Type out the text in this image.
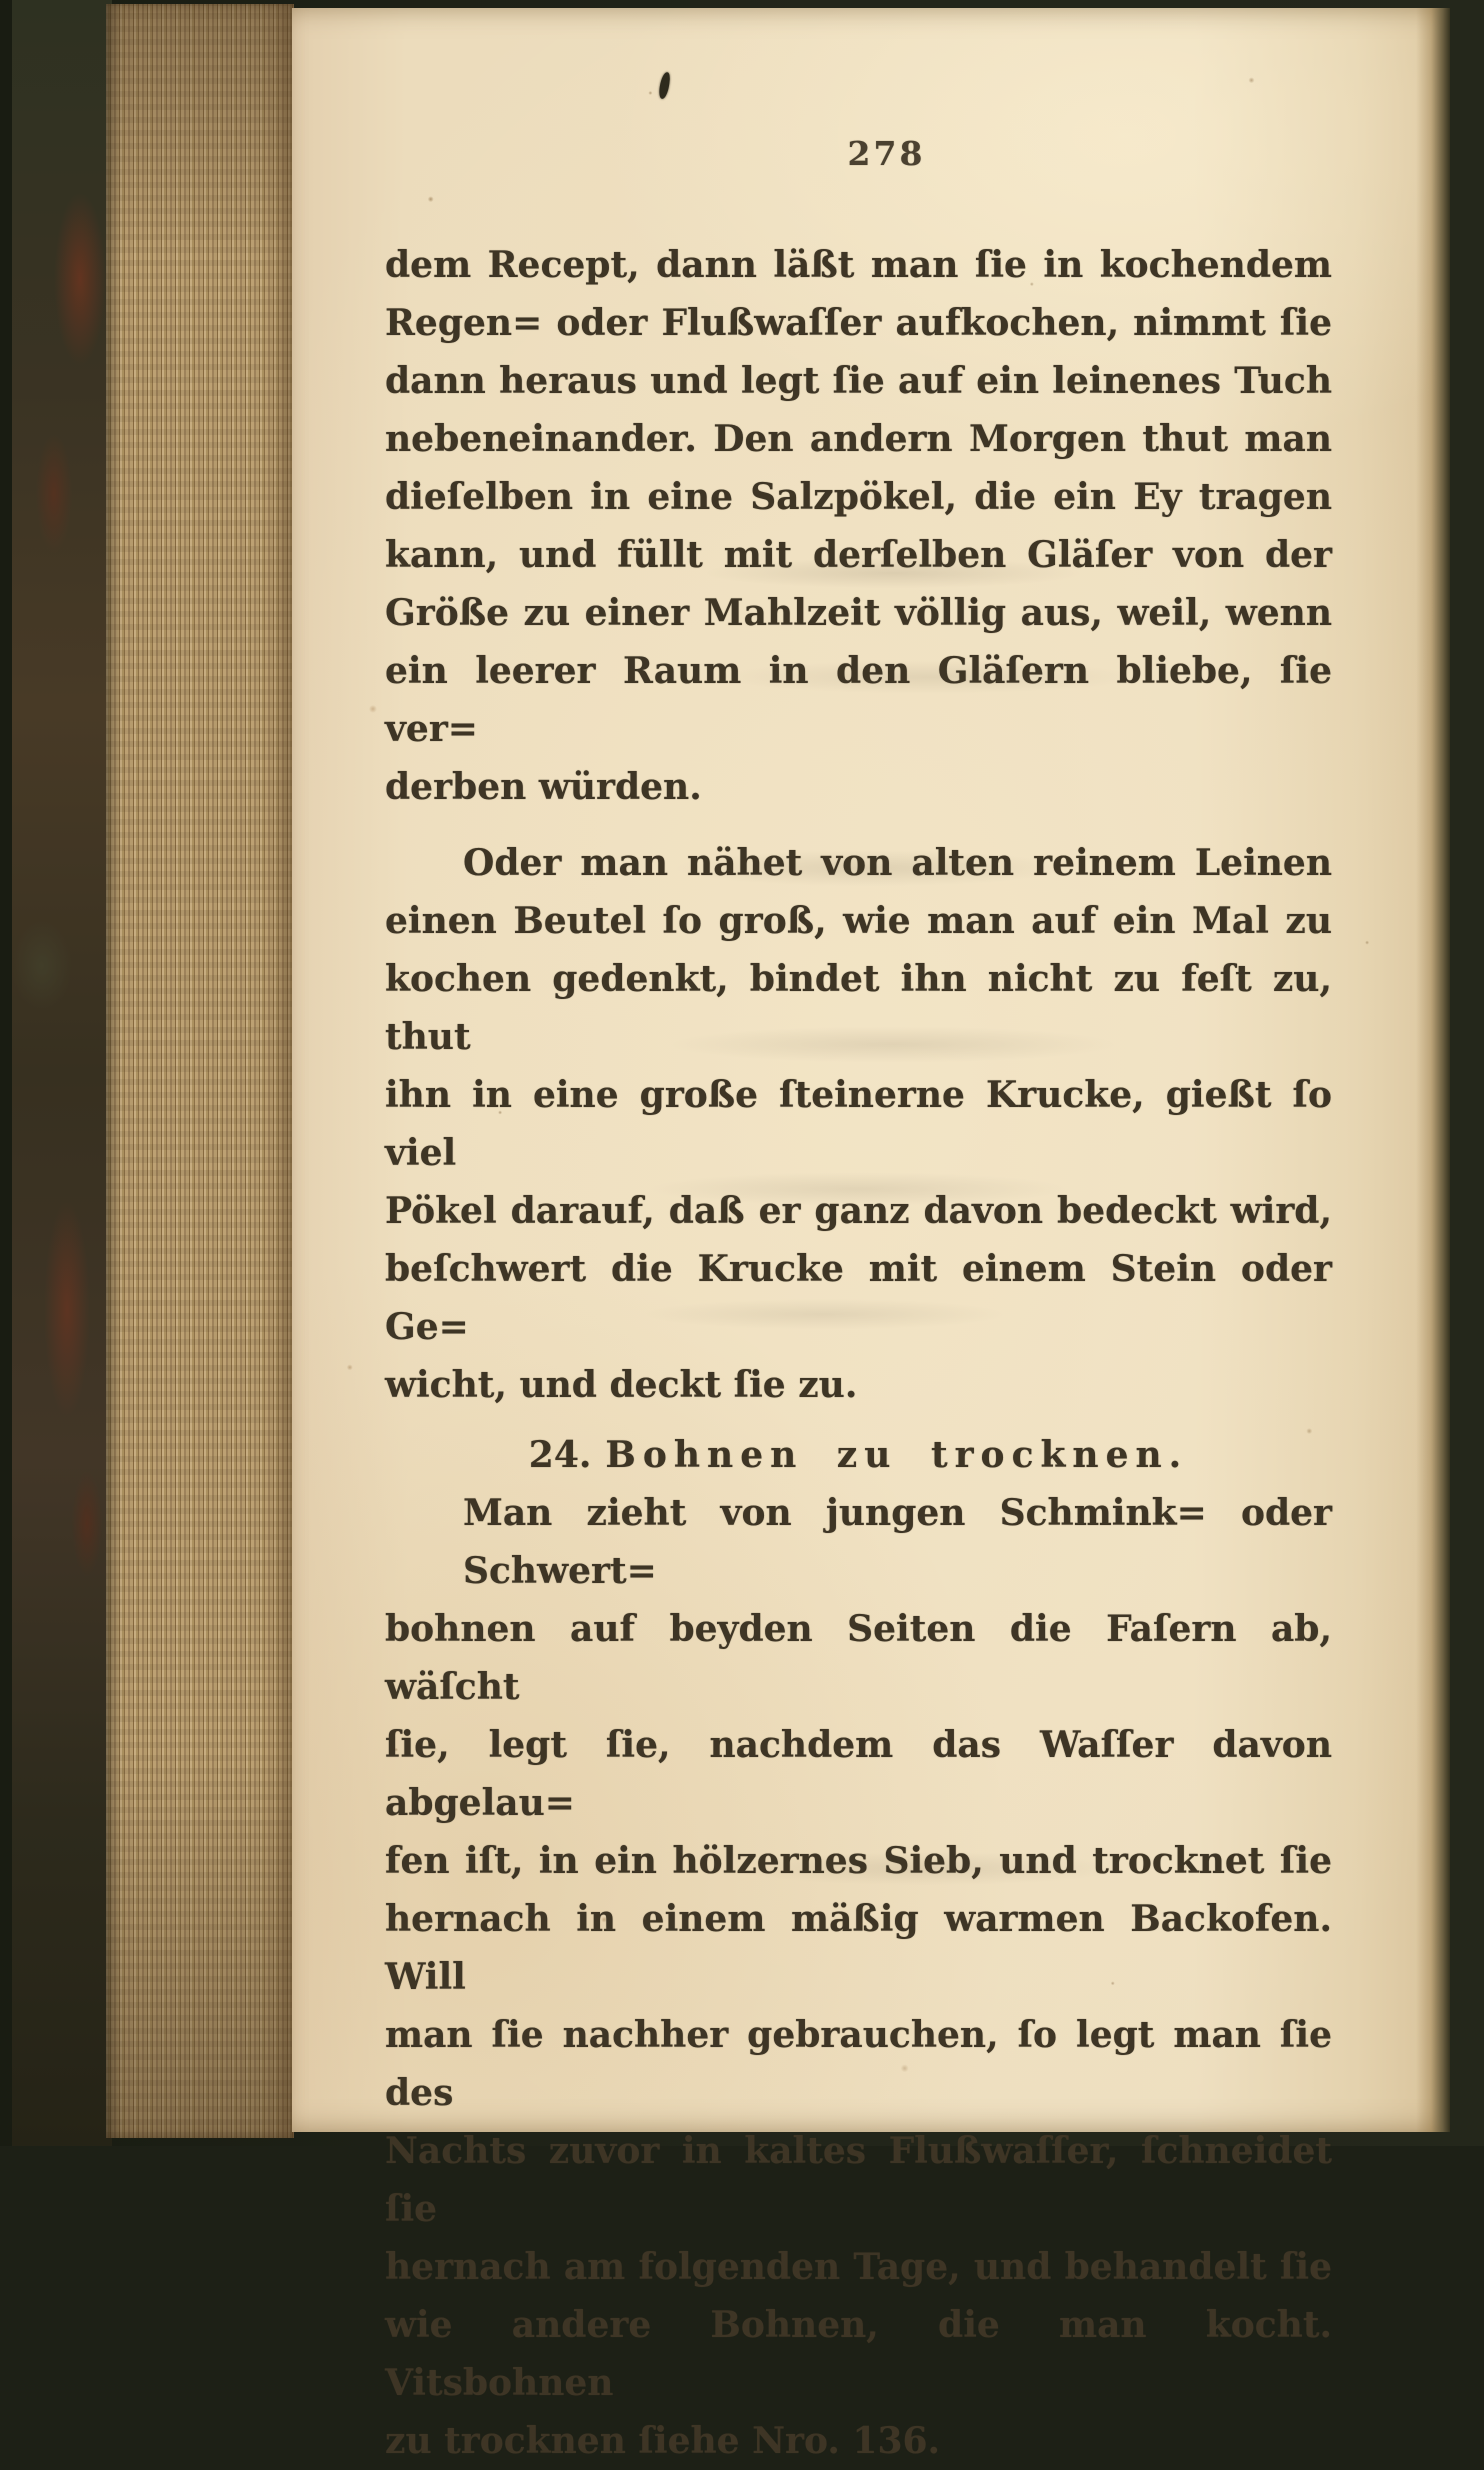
278
dem Recept, dann läßt man ſie in kochendem
Regen= oder Flußwaſſer aufkochen, nimmt ſie
dann heraus und legt ſie auf ein leinenes Tuch
nebeneinander. Den andern Morgen thut man
dieſelben in eine Salzpökel, die ein Ey tragen
kann, und füllt mit derſelben Gläſer von der
Größe zu einer Mahlzeit völlig aus, weil, wenn
ein leerer Raum in den Gläſern bliebe, ſie ver=
derben würden.
Oder man nähet von alten reinem Leinen
einen Beutel ſo groß, wie man auf ein Mal zu
kochen gedenkt, bindet ihn nicht zu feſt zu, thut
ihn in eine große ſteinerne Krucke, gießt ſo viel
Pökel darauf, daß er ganz davon bedeckt wird,
beſchwert die Krucke mit einem Stein oder Ge=
wicht, und deckt ſie zu.
24. Bohnen zu trocknen.
Man zieht von jungen Schmink= oder Schwert=
bohnen auf beyden Seiten die Faſern ab, wäſcht
ſie, legt ſie, nachdem das Waſſer davon abgelau=
fen iſt, in ein hölzernes Sieb, und trocknet ſie
hernach in einem mäßig warmen Backofen. Will
man ſie nachher gebrauchen, ſo legt man ſie des
Nachts zuvor in kaltes Flußwaſſer, ſchneidet ſie
hernach am folgenden Tage, und behandelt ſie
wie andere Bohnen, die man kocht. Vitsbohnen
zu trocknen ſiehe Nro. 136.
